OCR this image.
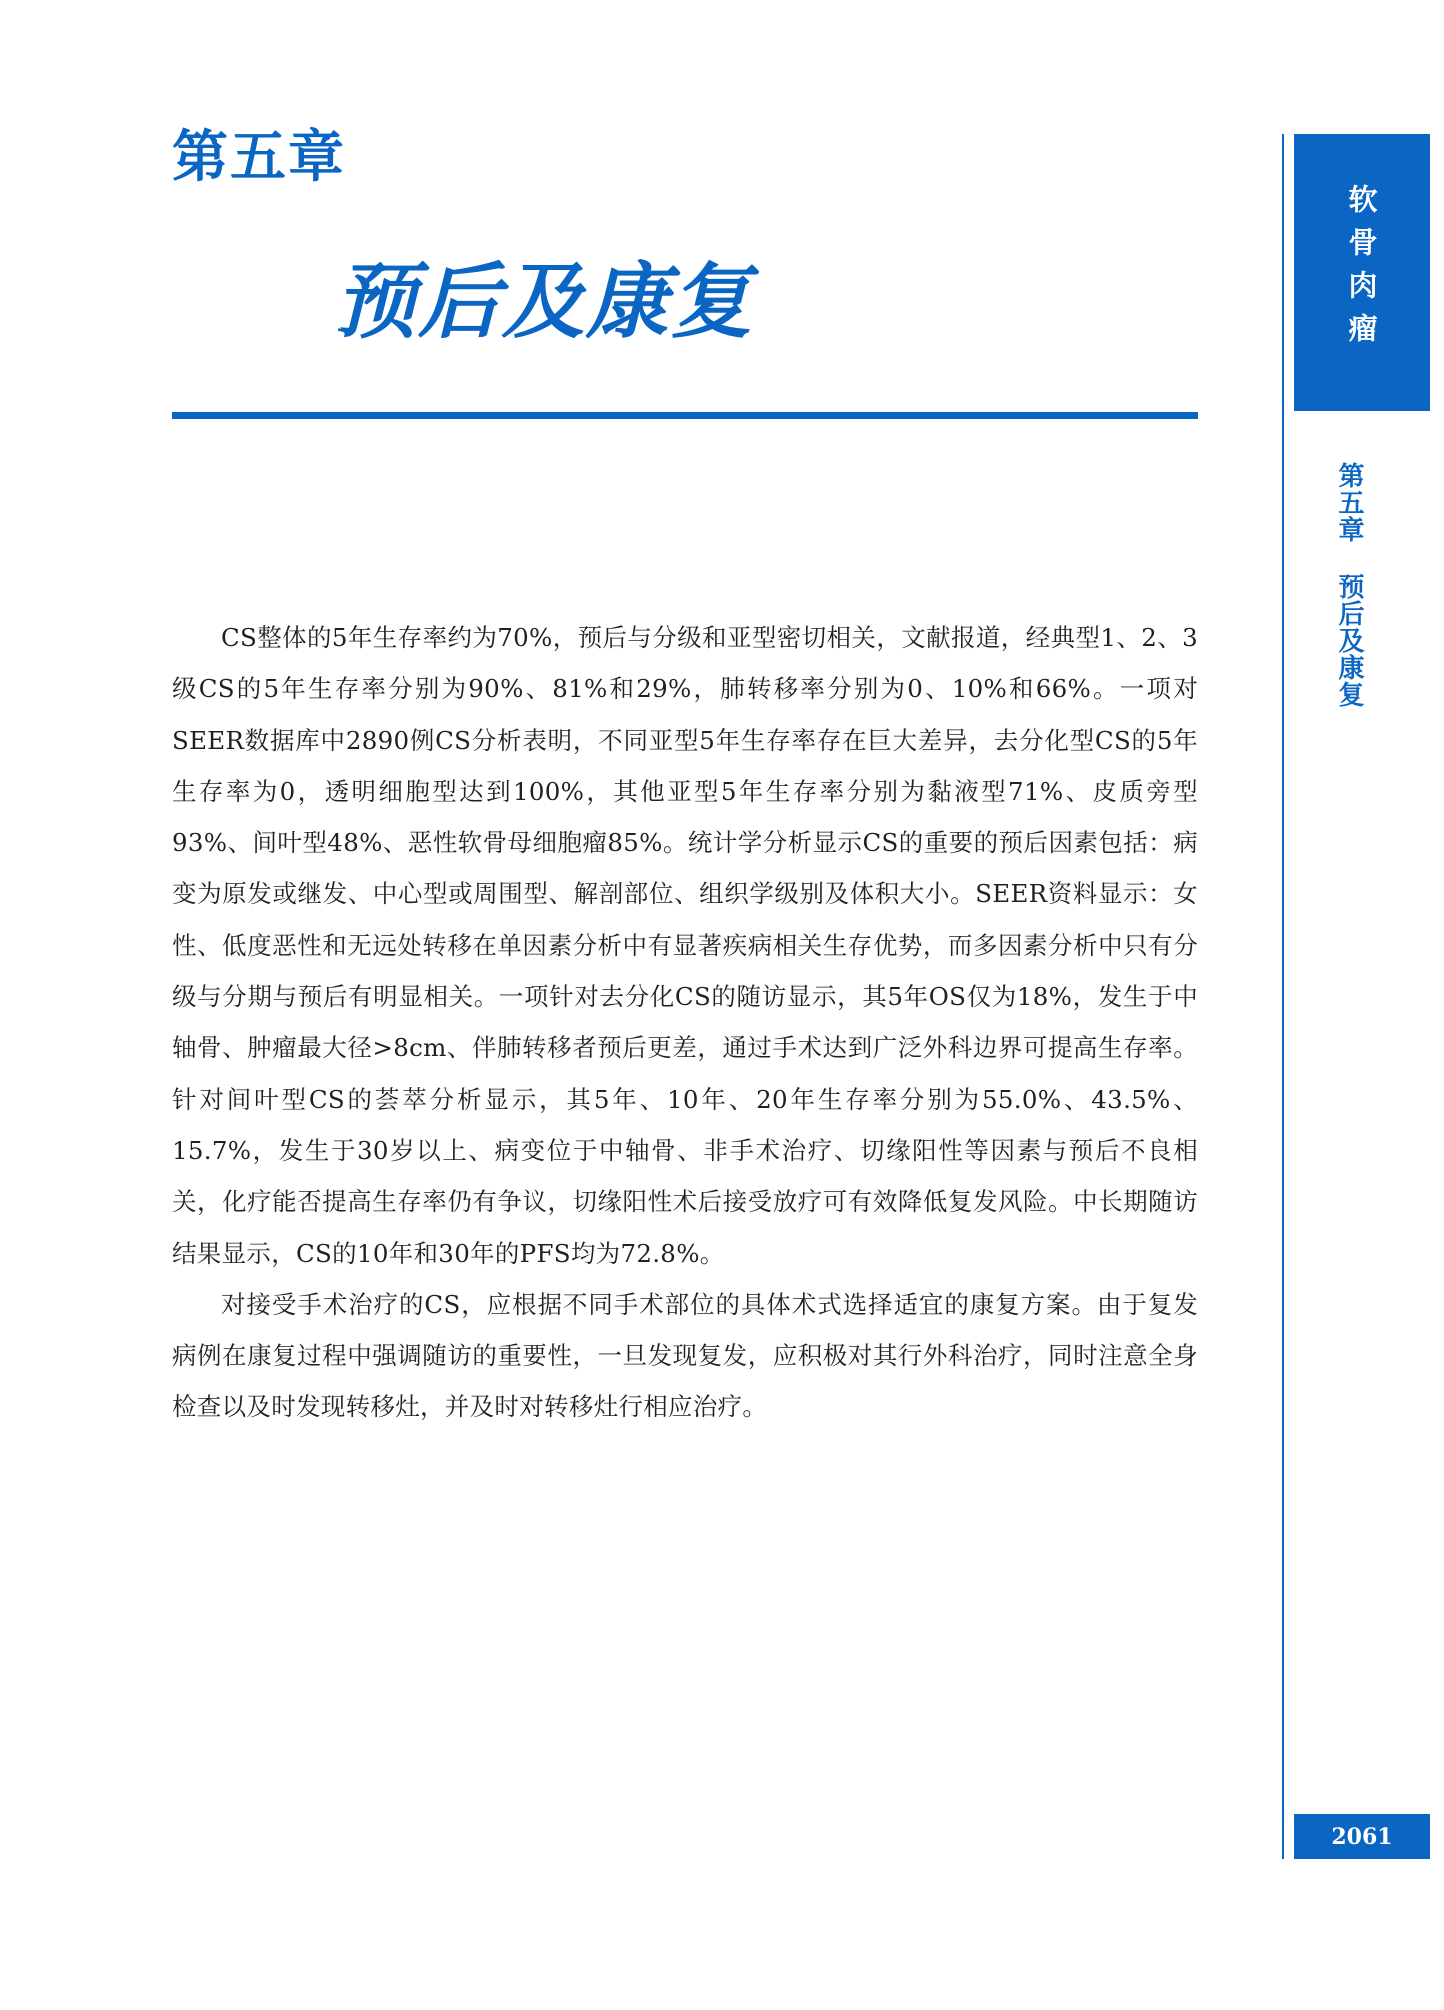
第五章
预后及康复

CS整体的5年生存率约为70%，预后与分级和亚型密切相关，文献报道，经典型1、2、3级CS的5年生存率分别为90%、81%和29%，肺转移率分别为0、10%和66%。一项对SEER数据库中2890例CS分析表明，不同亚型5年生存率存在巨大差异，去分化型CS的5年生存率为0，透明细胞型达到100%，其他亚型5年生存率分别为黏液型71%、皮质旁型93%、间叶型48%、恶性软骨母细胞瘤85%。统计学分析显示CS的重要的预后因素包括：病变为原发或继发、中心型或周围型、解剖部位、组织学级别及体积大小。SEER资料显示：女性、低度恶性和无远处转移在单因素分析中有显著疾病相关生存优势，而多因素分析中只有分级与分期与预后有明显相关。一项针对去分化CS的随访显示，其5年OS仅为18%，发生于中轴骨、肿瘤最大径>8cm、伴肺转移者预后更差，通过手术达到广泛外科边界可提高生存率。针对间叶型CS的荟萃分析显示，其5年、10年、20年生存率分别为55.0%、43.5%、15.7%，发生于30岁以上、病变位于中轴骨、非手术治疗、切缘阳性等因素与预后不良相关，化疗能否提高生存率仍有争议，切缘阳性术后接受放疗可有效降低复发风险。中长期随访结果显示，CS的10年和30年的PFS均为72.8%。

对接受手术治疗的CS，应根据不同手术部位的具体术式选择适宜的康复方案。由于复发病例在康复过程中强调随访的重要性，一旦发现复发，应积极对其行外科治疗，同时注意全身检查以及时发现转移灶，并及时对转移灶行相应治疗。

软骨肉瘤
第五章预后及康复
2061
